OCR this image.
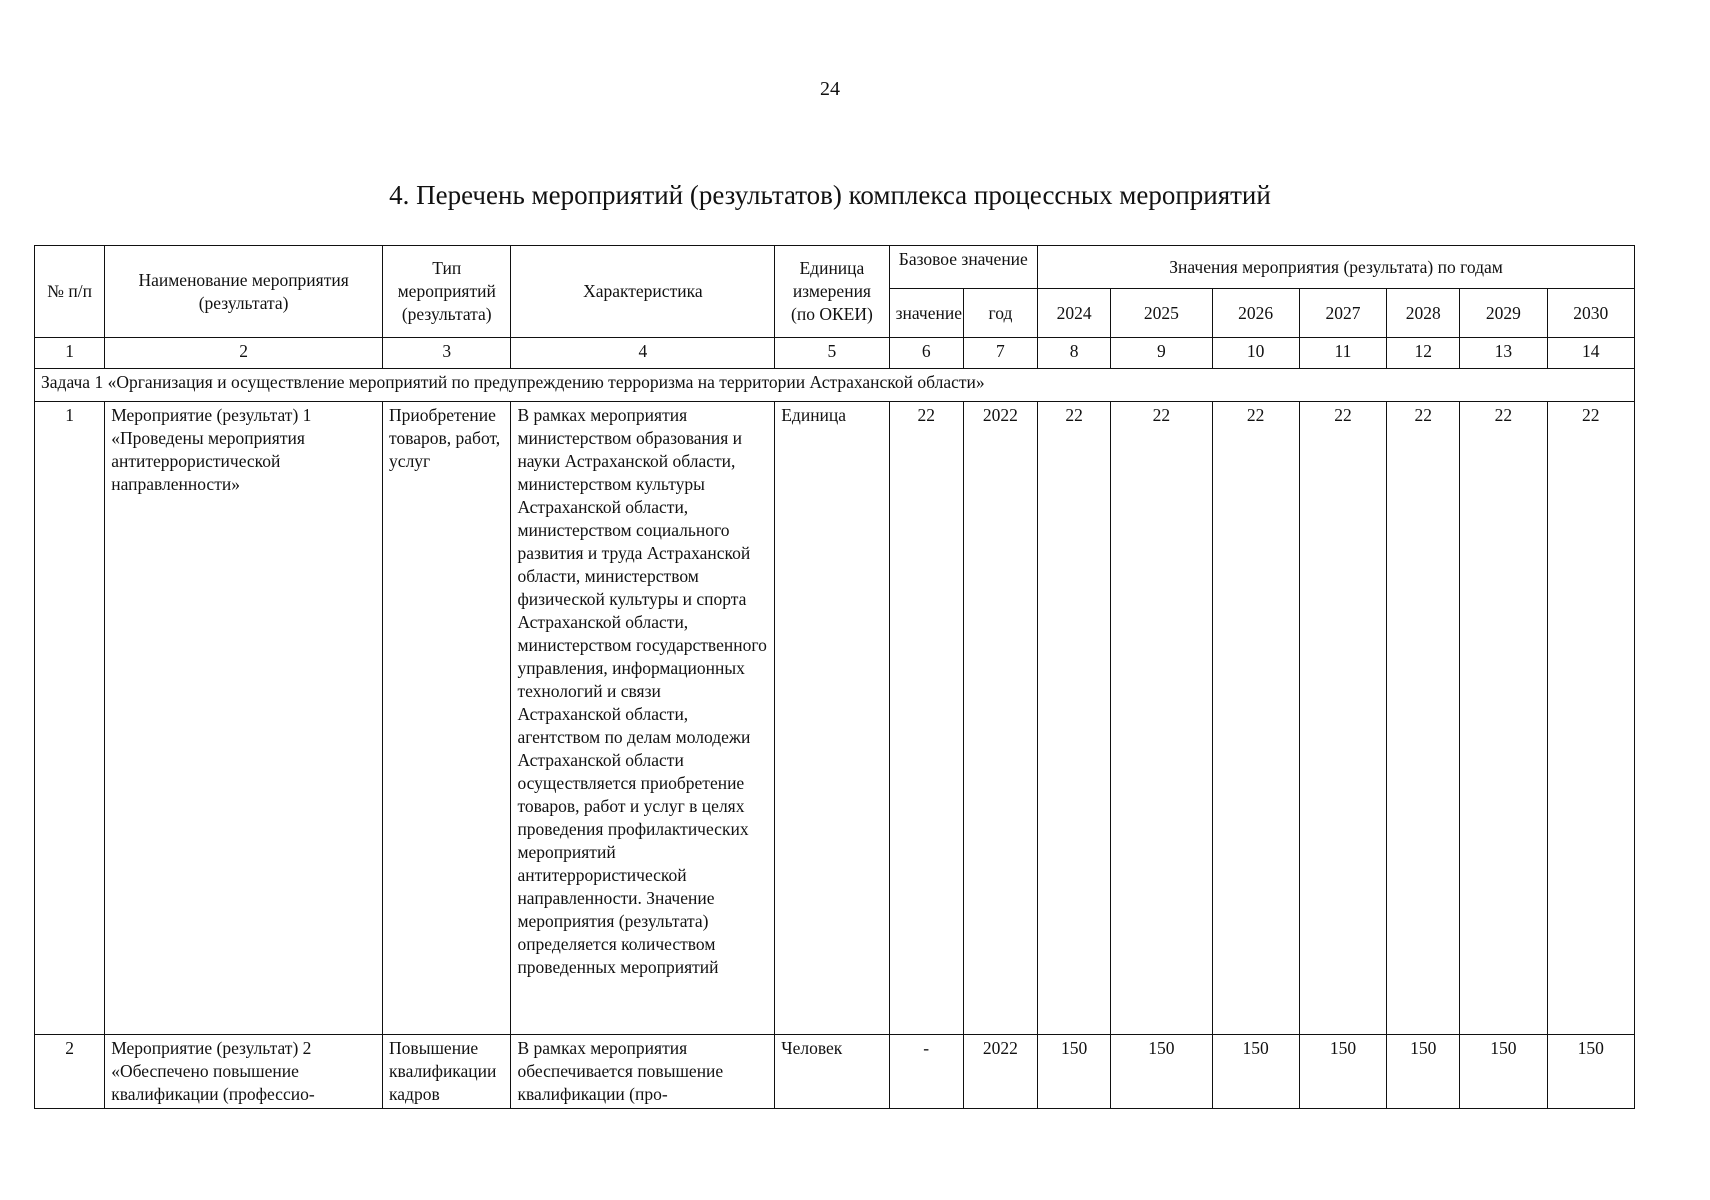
24
4. Перечень мероприятий (результатов) комплекса процессных мероприятий
№ п/п	Наименование мероприятия (результата)	Тип мероприятий (результата)	Характеристика	Единица измерения (по ОКЕИ)	Базовое значение		Значения мероприятия (результата) по годам						
					значение	год	2024	2025	2026	2027	2028	2029	2030
1	2	3	4	5	6	7	8	9	10	11	12	13	14
Задача 1 «Организация и осуществление мероприятий по предупреждению терроризма на территории Астраханской области»													
1	Мероприятие (результат) 1 «Проведены мероприятия антитеррористической направленности»	Приобретение товаров, работ, услуг	В рамках мероприятия министерством образования и науки Астраханской области, министерством культуры Астраханской области, министерством социального развития и труда Астраханской области, министерством физической культуры и спорта Астраханской области, министерством государственного управления, информационных технологий и связи Астраханской области, агентством по делам молодежи Астраханской области осуществляется приобретение товаров, работ и услуг в целях проведения профилактических мероприятий антитеррористической направленности. Значение мероприятия (результата) определяется количеством проведенных мероприятий	Единица	22	2022	22	22	22	22	22	22	22
2	Мероприятие (результат) 2 «Обеспечено повышение квалификации (профессио-	Повышение квалификации кадров	В рамках мероприятия обеспечивается повышение квалификации (про-	Человек	-	2022	150	150	150	150	150	150	150
